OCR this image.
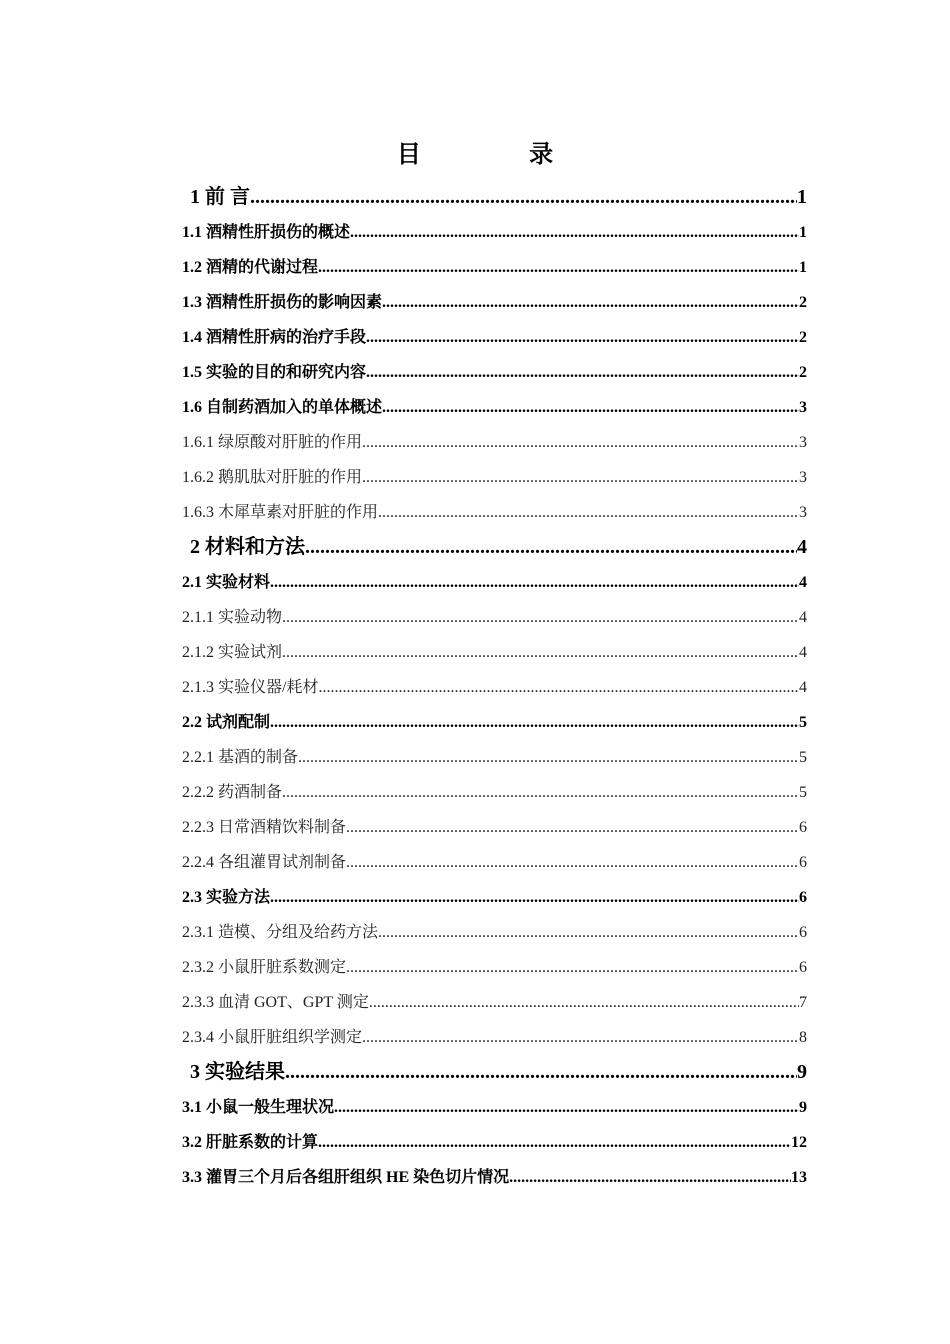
目 录
1 前 言 .....	1
1.1 酒精性肝损伤的概述 .....	1
1.2 酒精的代谢过程 .....	1
1.3 酒精性肝损伤的影响因素 .....	2
1.4 酒精性肝病的治疗手段 .....	2
1.5 实验的目的和研究内容 .....	2
1.6 自制药酒加入的单体概述 .....	3
1.6.1 绿原酸对肝脏的作用 .....	3
1.6.2 鹅肌肽对肝脏的作用 .....	3
1.6.3 木犀草素对肝脏的作用 .....	3
2 材料和方法 .....	4
2.1 实验材料 .....	4
2.1.1 实验动物 .....	4
2.1.2 实验试剂 .....	4
2.1.3 实验仪器/耗材 .....	4
2.2 试剂配制 .....	5
2.2.1 基酒的制备 .....	5
2.2.2 药酒制备 .....	5
2.2.3 日常酒精饮料制备 .....	6
2.2.4 各组灌胃试剂制备 .....	6
2.3 实验方法 .....	6
2.3.1 造模、分组及给药方法 .....	6
2.3.2 小鼠肝脏系数测定 .....	6
2.3.3 血清 GOT、GPT 测定 .....	7
2.3.4 小鼠肝脏组织学测定 .....	8
3 实验结果 .....	9
3.1 小鼠一般生理状况 .....	9
3.2 肝脏系数的计算 .....	12
3.3 灌胃三个月后各组肝组织 HE 染色切片情况 .....	13
